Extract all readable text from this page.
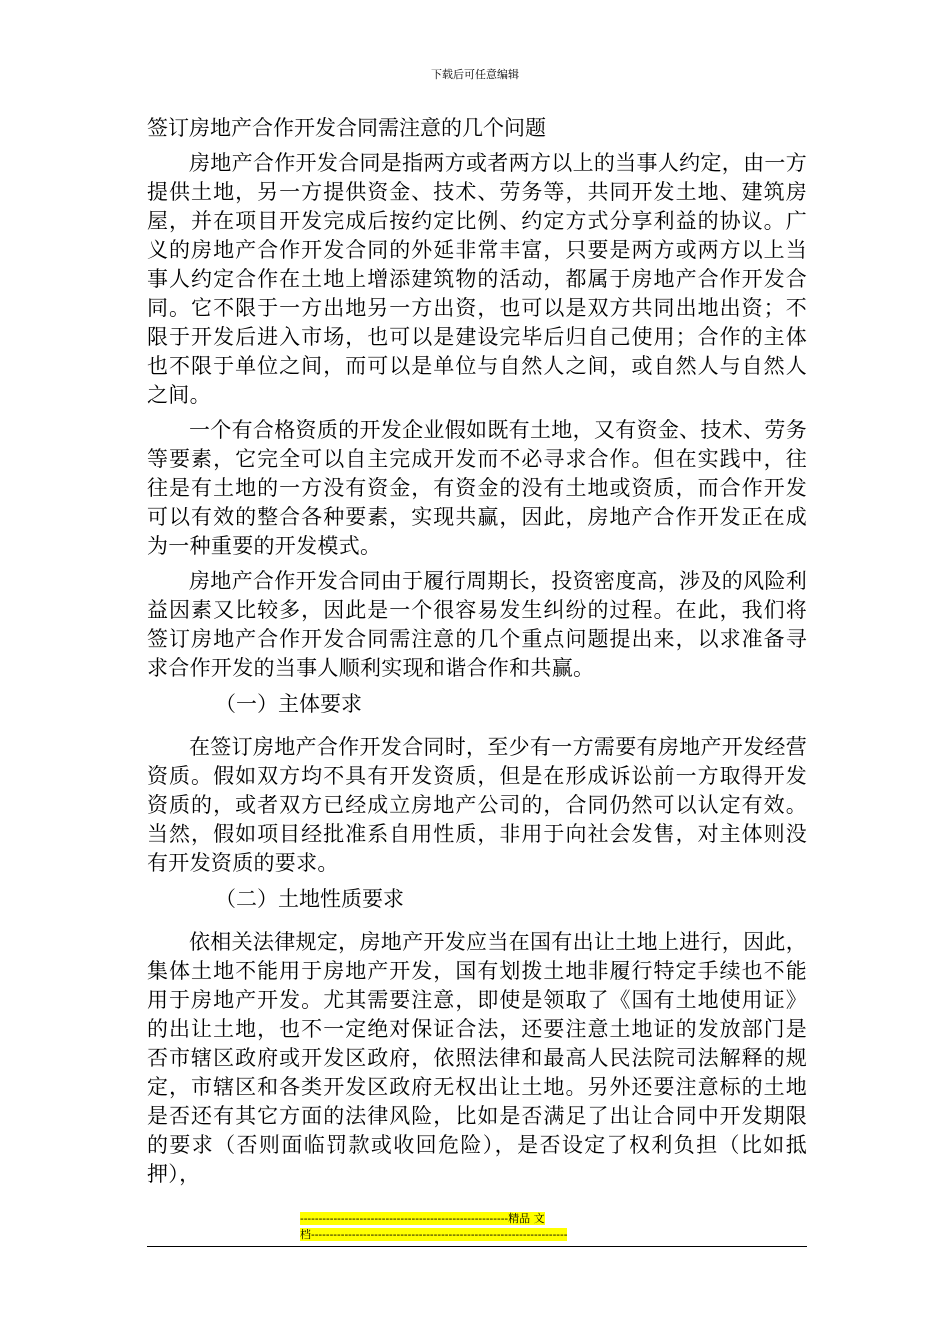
下载后可任意编辑
签订房地产合作开发合同需注意的几个问题
房地产合作开发合同是指两方或者两方以上的当事人约定，由一方提供土地，另一方提供资金、技术、劳务等，共同开发土地、建筑房屋，并在项目开发完成后按约定比例、约定方式分享利益的协议。广义的房地产合作开发合同的外延非常丰富，只要是两方或两方以上当事人约定合作在土地上增添建筑物的活动，都属于房地产合作开发合同。它不限于一方出地另一方出资，也可以是双方共同出地出资；不限于开发后进入市场，也可以是建设完毕后归自己使用；合作的主体也不限于单位之间，而可以是单位与自然人之间，或自然人与自然人之间。
一个有合格资质的开发企业假如既有土地，又有资金、技术、劳务等要素，它完全可以自主完成开发而不必寻求合作。但在实践中，往往是有土地的一方没有资金，有资金的没有土地或资质，而合作开发可以有效的整合各种要素，实现共赢，因此，房地产合作开发正在成为一种重要的开发模式。
房地产合作开发合同由于履行周期长，投资密度高，涉及的风险利益因素又比较多，因此是一个很容易发生纠纷的过程。在此，我们将签订房地产合作开发合同需注意的几个重点问题提出来，以求准备寻求合作开发的当事人顺利实现和谐合作和共赢。
（一）主体要求
在签订房地产合作开发合同时，至少有一方需要有房地产开发经营资质。假如双方均不具有开发资质，但是在形成诉讼前一方取得开发资质的，或者双方已经成立房地产公司的，合同仍然可以认定有效。当然，假如项目经批准系自用性质，非用于向社会发售，对主体则没有开发资质的要求。
（二）土地性质要求
依相关法律规定，房地产开发应当在国有出让土地上进行，因此，集体土地不能用于房地产开发，国有划拨土地非履行特定手续也不能用于房地产开发。尤其需要注意，即使是领取了《国有土地使用证》的出让土地，也不一定绝对保证合法，还要注意土地证的发放部门是否市辖区政府或开发区政府，依照法律和最高人民法院司法解释的规定，市辖区和各类开发区政府无权出让土地。另外还要注意标的土地是否还有其它方面的法律风险，比如是否满足了出让合同中开发期限的要求（否则面临罚款或收回危险），是否设定了权利负担（比如抵押），
--------------------------------------------------------精品 文
档---------------------------------------------------------------------
